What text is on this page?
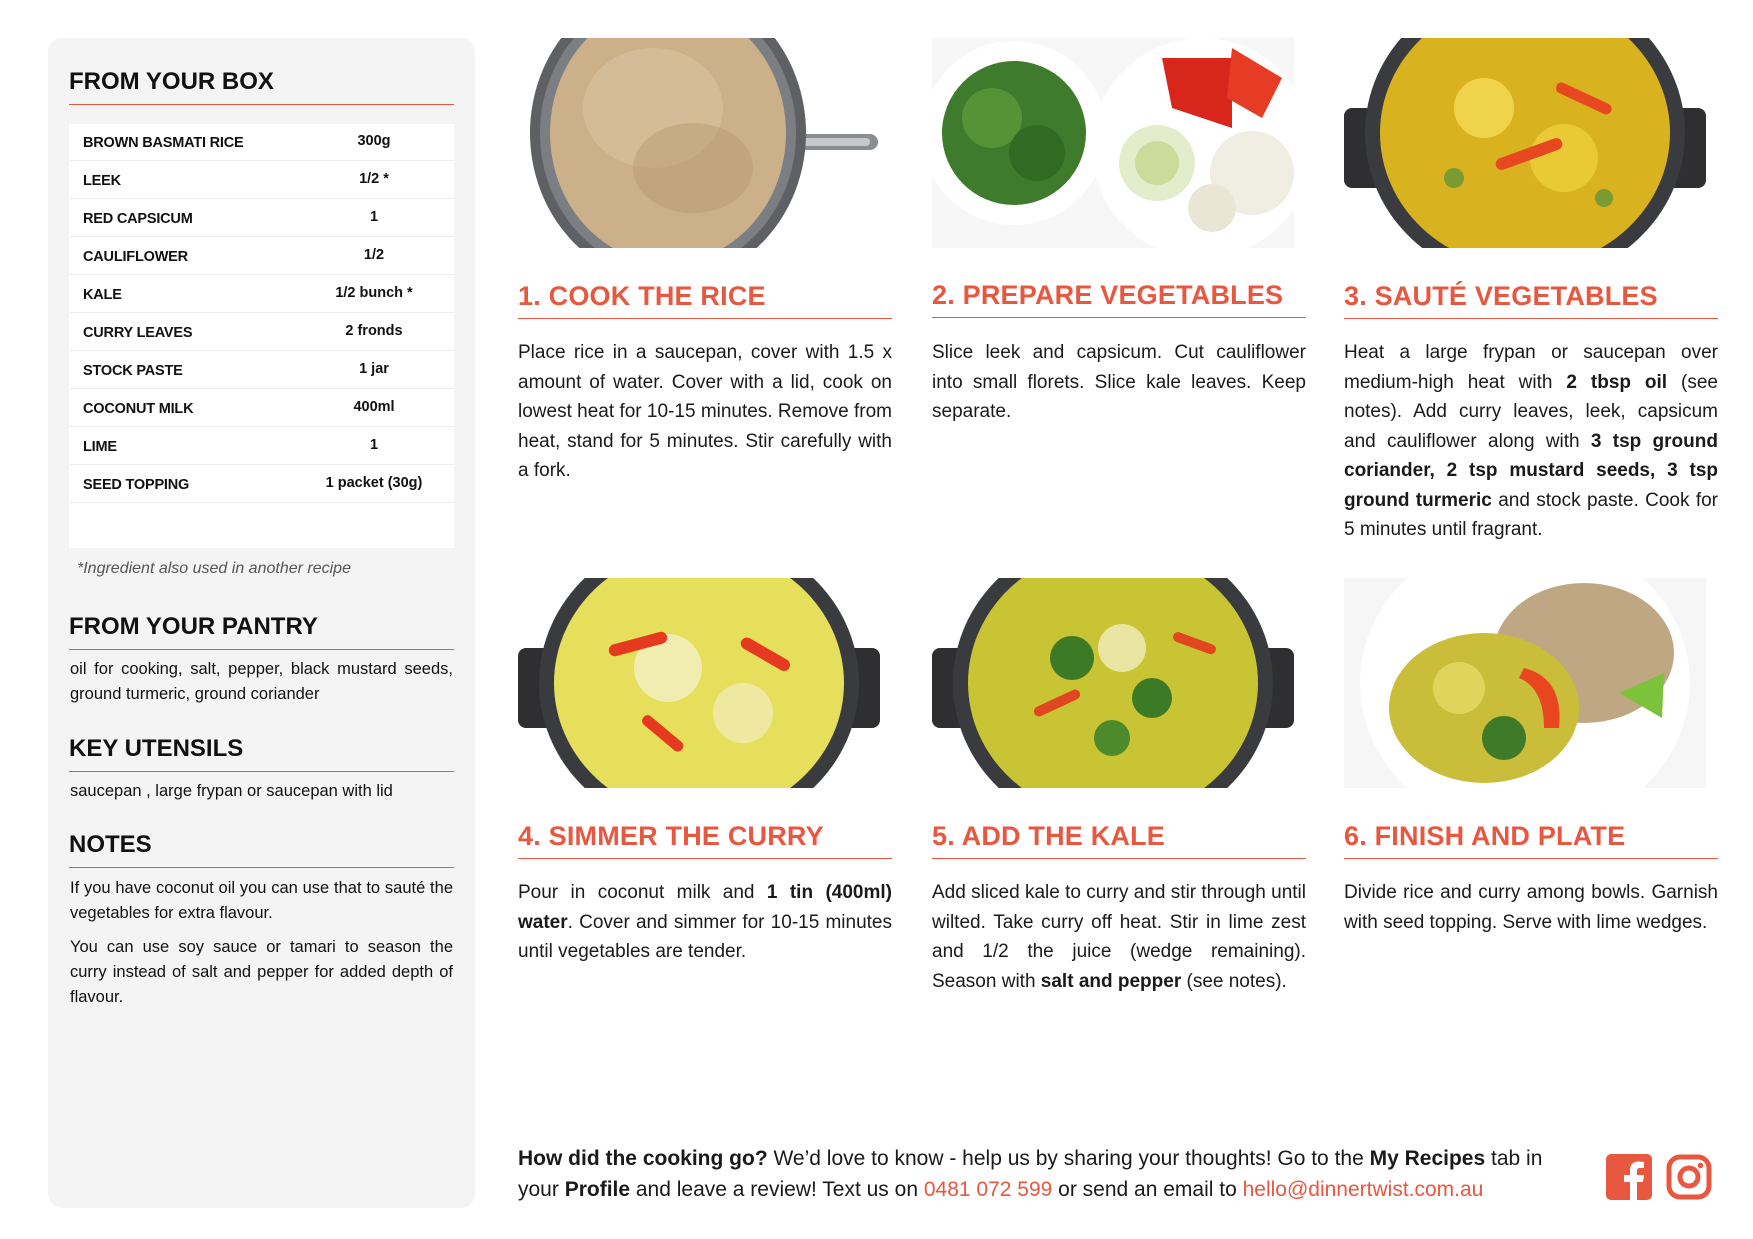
FROM YOUR BOX
BROWN BASMATI RICE	300g
LEEK	1/2 *
RED CAPSICUM	1
CAULIFLOWER	1/2
KALE	1/2 bunch *
CURRY LEAVES	2 fronds
STOCK PASTE	1 jar
COCONUT MILK	400ml
LIME	1
SEED TOPPING	1 packet (30g)
*Ingredient also used in another recipe
FROM YOUR PANTRY
oil for cooking, salt, pepper, black mustard seeds, ground turmeric, ground coriander
KEY UTENSILS
saucepan , large frypan or saucepan with lid
NOTES
If you have coconut oil you can use that to sauté the vegetables for extra flavour.
You can use soy sauce or tamari to season the curry instead of salt and pepper for added depth of flavour.
1. COOK THE RICE
Place rice in a saucepan, cover with 1.5 x amount of water. Cover with a lid, cook on lowest heat for 10-15 minutes. Remove from heat, stand for 5 minutes. Stir carefully with a fork.
2. PREPARE VEGETABLES
Slice leek and capsicum. Cut cauliflower into small florets. Slice kale leaves. Keep separate.
3. SAUTÉ VEGETABLES
Heat a large frypan or saucepan over medium-high heat with 2 tbsp oil (see notes). Add curry leaves, leek, capsicum and cauliflower along with 3 tsp ground coriander, 2 tsp mustard seeds, 3 tsp ground turmeric and stock paste. Cook for 5 minutes until fragrant.
4. SIMMER THE CURRY
Pour in coconut milk and 1 tin (400ml) water. Cover and simmer for 10-15 minutes until vegetables are tender.
5. ADD THE KALE
Add sliced kale to curry and stir through until wilted. Take curry off heat. Stir in lime zest and 1/2 the juice (wedge remaining). Season with salt and pepper (see notes).
6. FINISH AND PLATE
Divide rice and curry among bowls. Garnish with seed topping. Serve with lime wedges.
How did the cooking go? We’d love to know - help us by sharing your thoughts! Go to the My Recipes tab in your Profile and leave a review! Text us on 0481 072 599 or send an email to hello@dinnertwist.com.au
